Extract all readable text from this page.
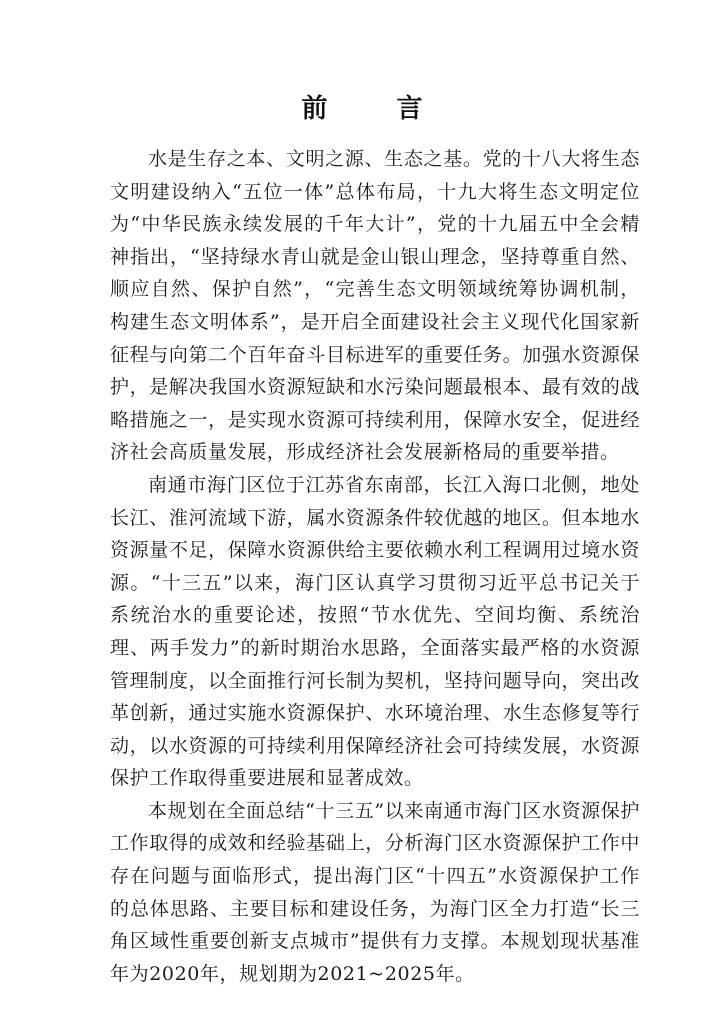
前 言

水是生存之本、文明之源、生态之基。党的十八大将生态文明建设纳入“五位一体”总体布局，十九大将生态文明定位为“中华民族永续发展的千年大计”，党的十九届五中全会精神指出，“坚持绿水青山就是金山银山理念，坚持尊重自然、顺应自然、保护自然”，“完善生态文明领域统筹协调机制，构建生态文明体系”，是开启全面建设社会主义现代化国家新征程与向第二个百年奋斗目标进军的重要任务。加强水资源保护，是解决我国水资源短缺和水污染问题最根本、最有效的战略措施之一，是实现水资源可持续利用，保障水安全，促进经济社会高质量发展，形成经济社会发展新格局的重要举措。

南通市海门区位于江苏省东南部，长江入海口北侧，地处长江、淮河流域下游，属水资源条件较优越的地区。但本地水资源量不足，保障水资源供给主要依赖水利工程调用过境水资源。“十三五”以来，海门区认真学习贯彻习近平总书记关于系统治水的重要论述，按照“节水优先、空间均衡、系统治理、两手发力”的新时期治水思路，全面落实最严格的水资源管理制度，以全面推行河长制为契机，坚持问题导向，突出改革创新，通过实施水资源保护、水环境治理、水生态修复等行动，以水资源的可持续利用保障经济社会可持续发展，水资源保护工作取得重要进展和显著成效。

本规划在全面总结“十三五”以来南通市海门区水资源保护工作取得的成效和经验基础上，分析海门区水资源保护工作中存在问题与面临形式，提出海门区“十四五”水资源保护工作的总体思路、主要目标和建设任务，为海门区全力打造“长三角区域性重要创新支点城市”提供有力支撑。本规划现状基准年为2020年，规划期为2021~2025年。
